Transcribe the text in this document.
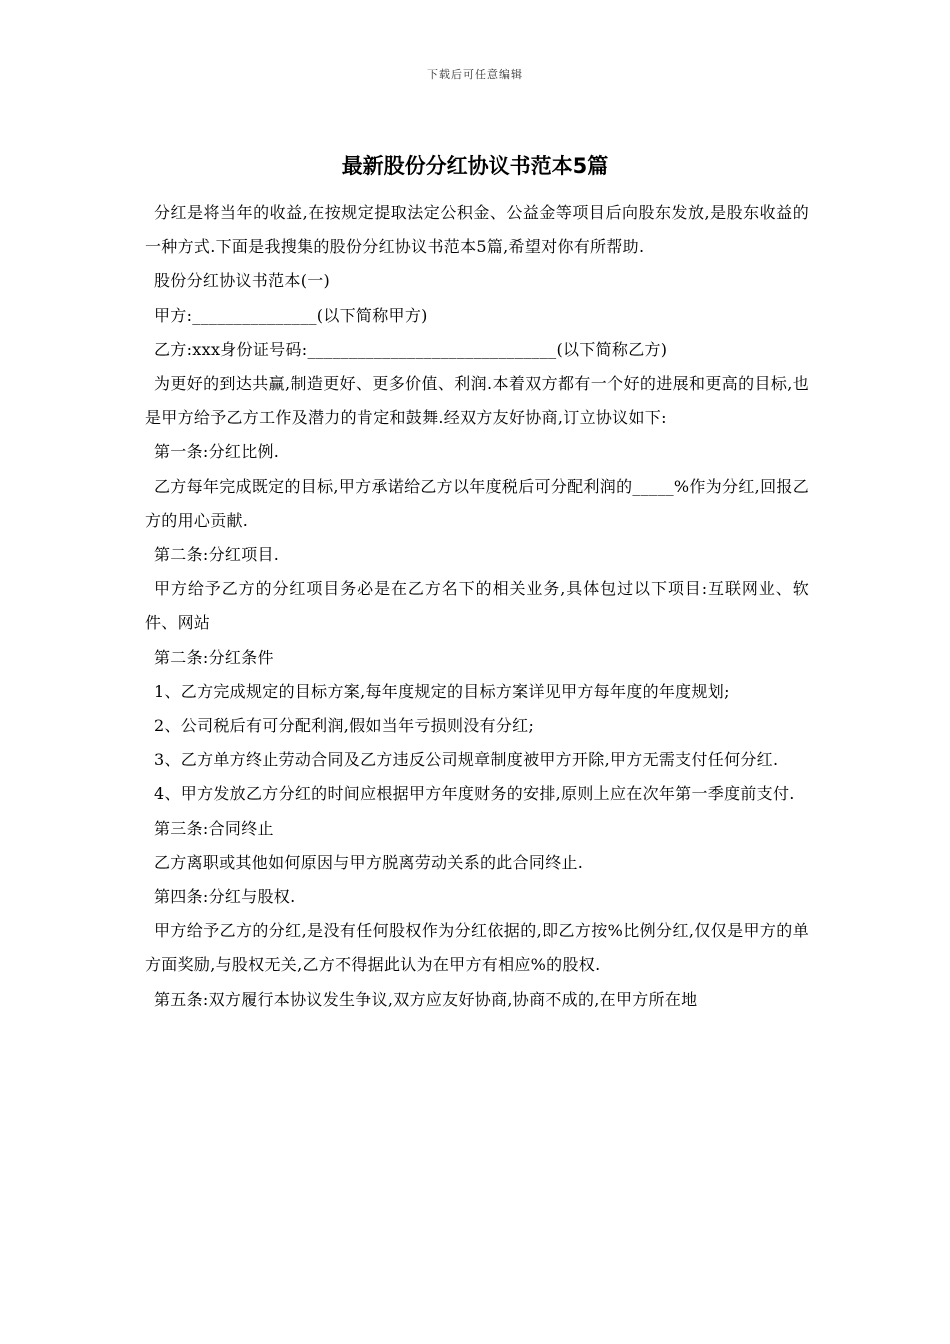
下载后可任意编辑
最新股份分红协议书范本5篇

分红是将当年的收益,在按规定提取法定公积金、公益金等项目后向股东发放,是股东收益的一种方式.下面是我搜集的股份分红协议书范本5篇,希望对你有所帮助.

股份分红协议书范本(一)

甲方:_______________(以下简称甲方)

乙方:xxx身份证号码:______________________________(以下简称乙方)

为更好的到达共赢,制造更好、更多价值、利润.本着双方都有一个好的进展和更高的目标,也是甲方给予乙方工作及潜力的肯定和鼓舞.经双方友好协商,订立协议如下:

第一条:分红比例.

乙方每年完成既定的目标,甲方承诺给乙方以年度税后可分配利润的_____%作为分红,回报乙方的用心贡献.

第二条:分红项目.

甲方给予乙方的分红项目务必是在乙方名下的相关业务,具体包过以下项目:互联网业、软件、网站

第二条:分红条件

1、乙方完成规定的目标方案,每年度规定的目标方案详见甲方每年度的年度规划;

2、公司税后有可分配利润,假如当年亏损则没有分红;

3、乙方单方终止劳动合同及乙方违反公司规章制度被甲方开除,甲方无需支付任何分红.

4、甲方发放乙方分红的时间应根据甲方年度财务的安排,原则上应在次年第一季度前支付.

第三条:合同终止

乙方离职或其他如何原因与甲方脱离劳动关系的此合同终止.

第四条:分红与股权.

甲方给予乙方的分红,是没有任何股权作为分红依据的,即乙方按%比例分红,仅仅是甲方的单方面奖励,与股权无关,乙方不得据此认为在甲方有相应%的股权.

第五条:双方履行本协议发生争议,双方应友好协商,协商不成的,在甲方所在地
